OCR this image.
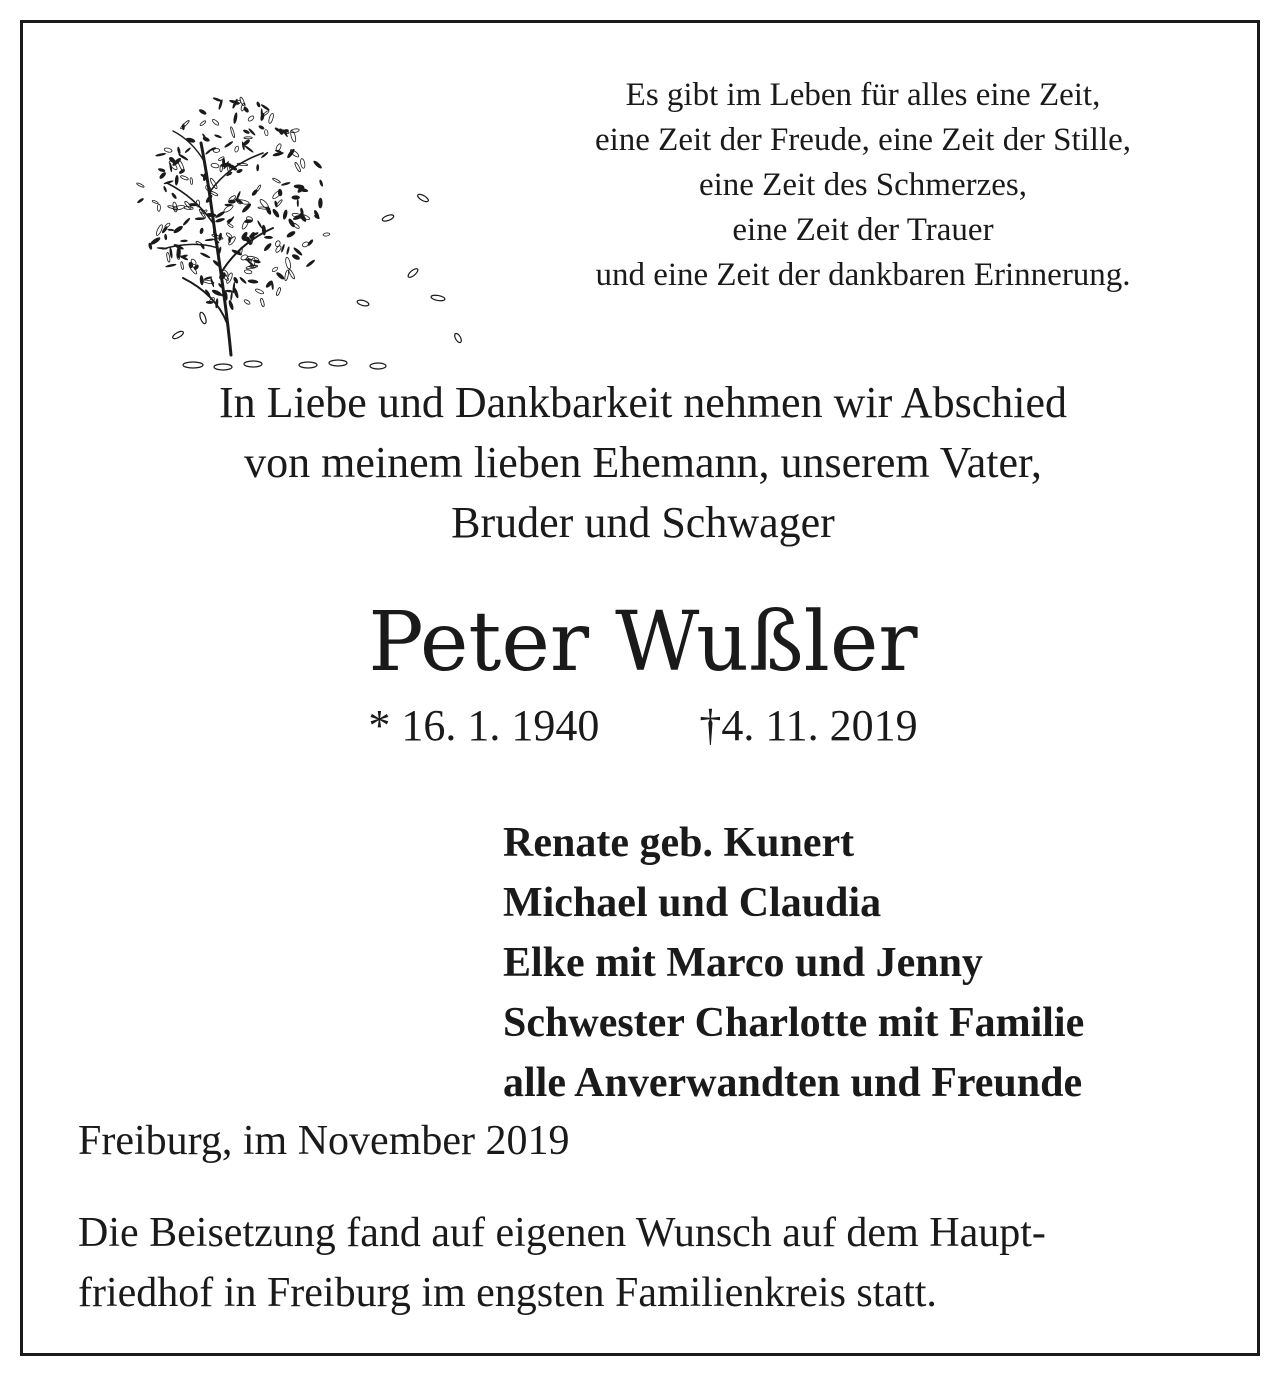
Es gibt im Leben für alles eine Zeit,
eine Zeit der Freude, eine Zeit der Stille,
eine Zeit des Schmerzes,
eine Zeit der Trauer
und eine Zeit der dankbaren Erinnerung.
In Liebe und Dankbarkeit nehmen wir Abschied
von meinem lieben Ehemann, unserem Vater,
Bruder und Schwager
Peter Wußler
* 16. 1. 1940 †4. 11. 2019
Renate geb. Kunert
Michael und Claudia
Elke mit Marco und Jenny
Schwester Charlotte mit Familie
alle Anverwandten und Freunde
Freiburg, im November 2019
Die Beisetzung fand auf eigenen Wunsch auf dem Haupt-
friedhof in Freiburg im engsten Familienkreis statt.
